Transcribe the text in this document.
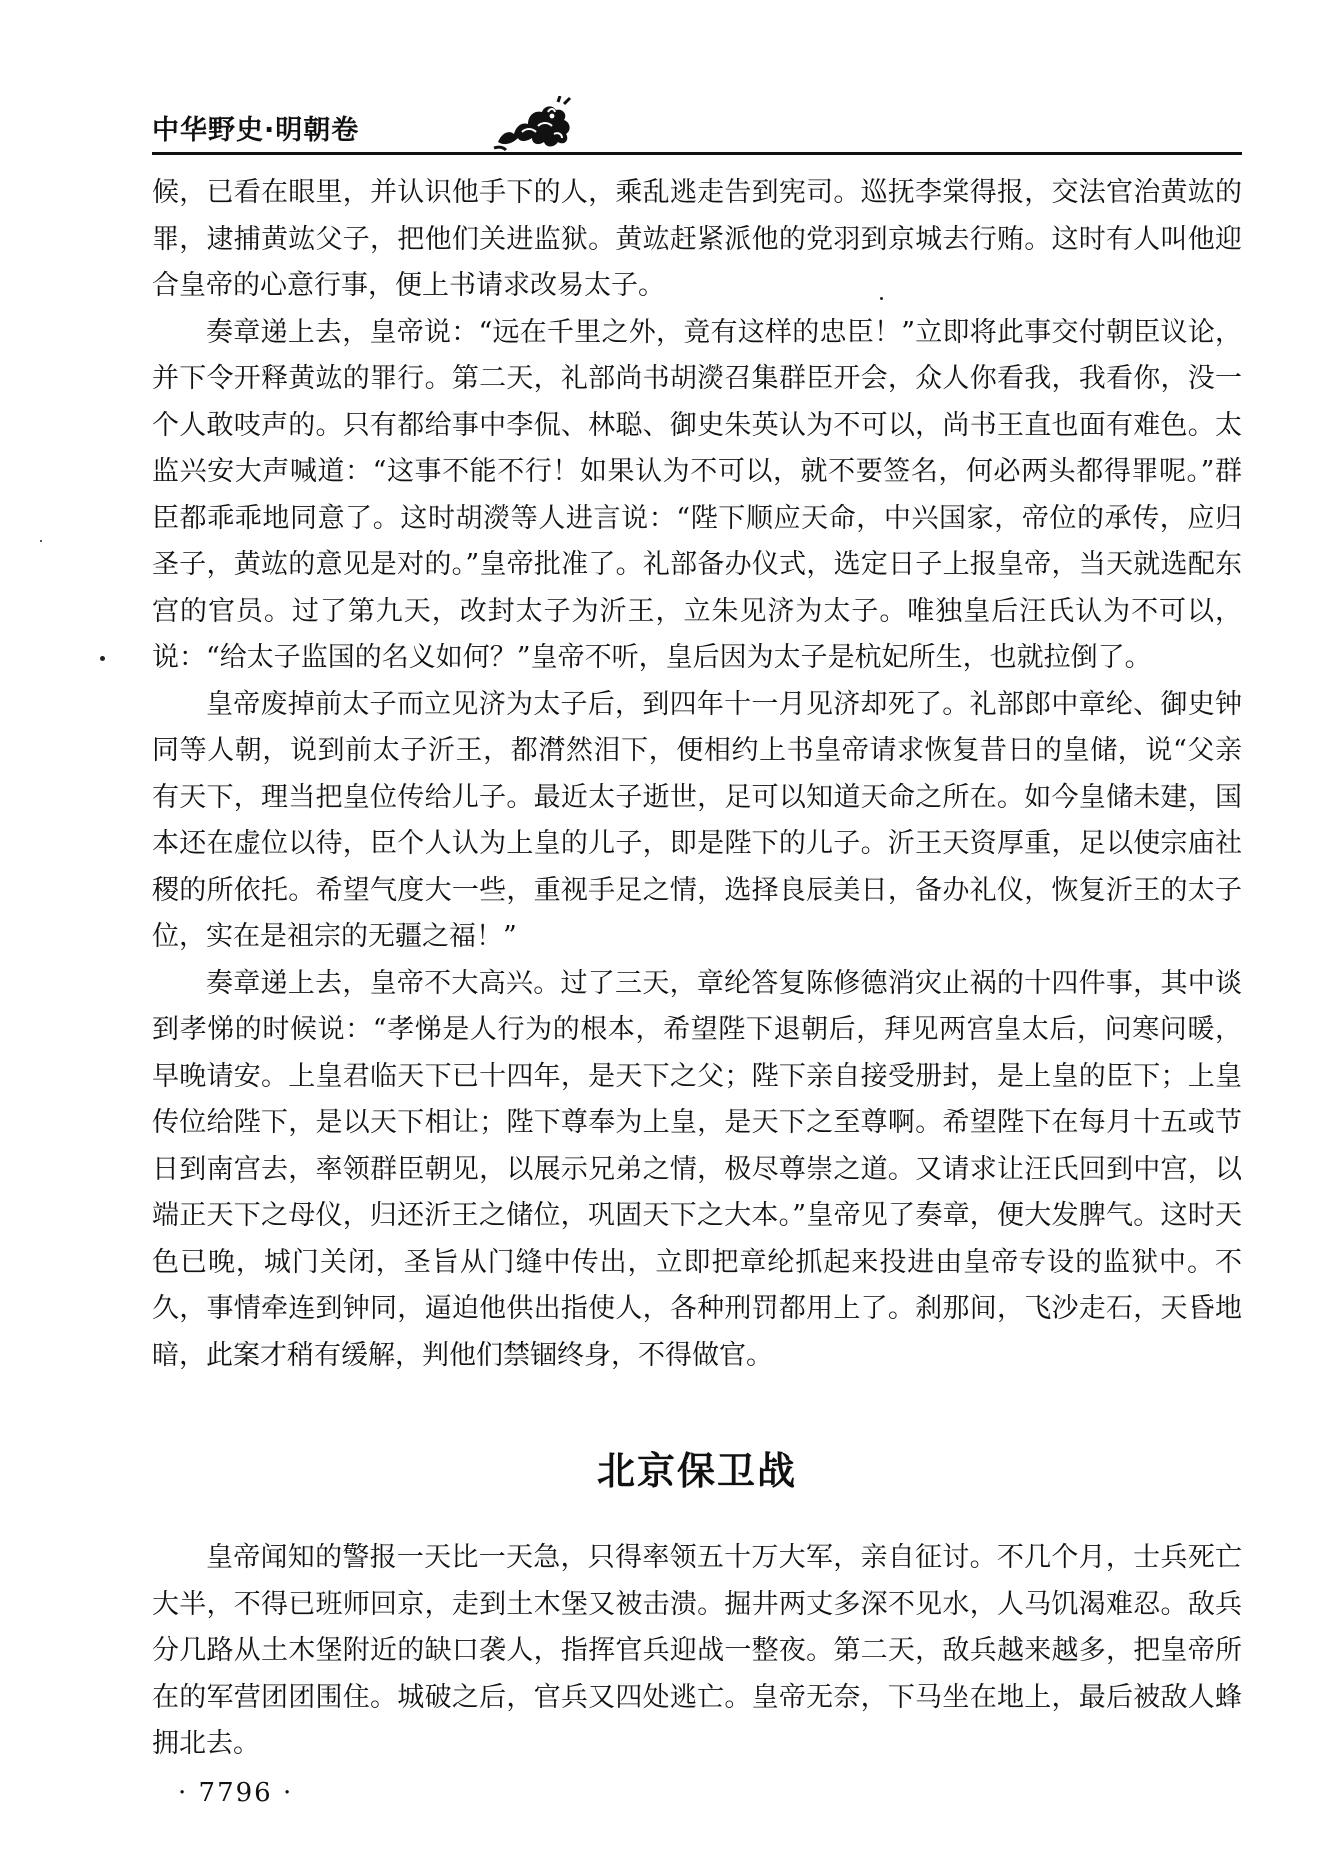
中华野史·明朝卷

候，已看在眼里，并认识他手下的人，乘乱逃走告到宪司。巡抚李棠得报，交法官治黄竑的罪，逮捕黄竑父子，把他们关进监狱。黄竑赶紧派他的党羽到京城去行贿。这时有人叫他迎合皇帝的心意行事，便上书请求改易太子。

奏章递上去，皇帝说：“远在千里之外，竟有这样的忠臣！”立即将此事交付朝臣议论，并下令开释黄竑的罪行。第二天，礼部尚书胡濙召集群臣开会，众人你看我，我看你，没一个人敢吱声的。只有都给事中李侃、林聪、御史朱英认为不可以，尚书王直也面有难色。太监兴安大声喊道：“这事不能不行！如果认为不可以，就不要签名，何必两头都得罪呢。”群臣都乖乖地同意了。这时胡濙等人进言说：“陛下顺应天命，中兴国家，帝位的承传，应归圣子，黄竑的意见是对的。”皇帝批准了。礼部备办仪式，选定日子上报皇帝，当天就选配东宫的官员。过了第九天，改封太子为沂王，立朱见济为太子。唯独皇后汪氏认为不可以，说：“给太子监国的名义如何？”皇帝不听，皇后因为太子是杭妃所生，也就拉倒了。

皇帝废掉前太子而立见济为太子后，到四年十一月见济却死了。礼部郎中章纶、御史钟同等人朝，说到前太子沂王，都潸然泪下，便相约上书皇帝请求恢复昔日的皇储，说“父亲有天下，理当把皇位传给儿子。最近太子逝世，足可以知道天命之所在。如今皇储未建，国本还在虚位以待，臣个人认为上皇的儿子，即是陛下的儿子。沂王天资厚重，足以使宗庙社稷的所依托。希望气度大一些，重视手足之情，选择良辰美日，备办礼仪，恢复沂王的太子位，实在是祖宗的无疆之福！”

奏章递上去，皇帝不大高兴。过了三天，章纶答复陈修德消灾止祸的十四件事，其中谈到孝悌的时候说：“孝悌是人行为的根本，希望陛下退朝后，拜见两宫皇太后，问寒问暖，早晚请安。上皇君临天下已十四年，是天下之父；陛下亲自接受册封，是上皇的臣下；上皇传位给陛下，是以天下相让；陛下尊奉为上皇，是天下之至尊啊。希望陛下在每月十五或节日到南宫去，率领群臣朝见，以展示兄弟之情，极尽尊崇之道。又请求让汪氏回到中宫，以端正天下之母仪，归还沂王之储位，巩固天下之大本。”皇帝见了奏章，便大发脾气。这时天色已晚，城门关闭，圣旨从门缝中传出，立即把章纶抓起来投进由皇帝专设的监狱中。不久，事情牵连到钟同，逼迫他供出指使人，各种刑罚都用上了。刹那间，飞沙走石，天昏地暗，此案才稍有缓解，判他们禁锢终身，不得做官。

北京保卫战

皇帝闻知的警报一天比一天急，只得率领五十万大军，亲自征讨。不几个月，士兵死亡大半，不得已班师回京，走到土木堡又被击溃。掘井两丈多深不见水，人马饥渴难忍。敌兵分几路从土木堡附近的缺口袭人，指挥官兵迎战一整夜。第二天，敌兵越来越多，把皇帝所在的军营团团围住。城破之后，官兵又四处逃亡。皇帝无奈，下马坐在地上，最后被敌人蜂拥北去。

· 7796 ·
